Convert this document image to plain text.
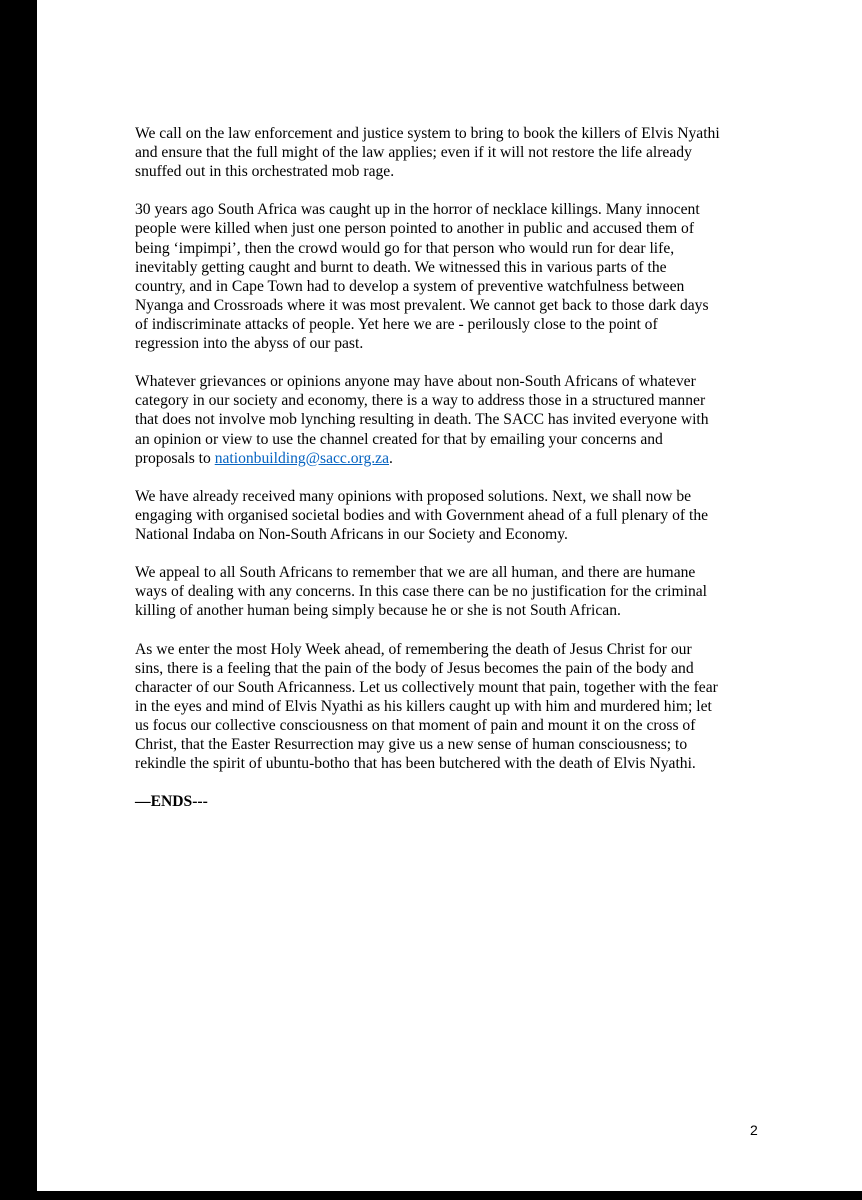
We call on the law enforcement and justice system to bring to book the killers of Elvis Nyathi
and ensure that the full might of the law applies; even if it will not restore the life already
snuffed out in this orchestrated mob rage.

30 years ago South Africa was caught up in the horror of necklace killings. Many innocent
people were killed when just one person pointed to another in public and accused them of
being ‘impimpi’, then the crowd would go for that person who would run for dear life,
inevitably getting caught and burnt to death. We witnessed this in various parts of the
country, and in Cape Town had to develop a system of preventive watchfulness between
Nyanga and Crossroads where it was most prevalent. We cannot get back to those dark days
of indiscriminate attacks of people. Yet here we are - perilously close to the point of
regression into the abyss of our past.

Whatever grievances or opinions anyone may have about non-South Africans of whatever
category in our society and economy, there is a way to address those in a structured manner
that does not involve mob lynching resulting in death. The SACC has invited everyone with
an opinion or view to use the channel created for that by emailing your concerns and
proposals to nationbuilding@sacc.org.za.

We have already received many opinions with proposed solutions. Next, we shall now be
engaging with organised societal bodies and with Government ahead of a full plenary of the
National Indaba on Non-South Africans in our Society and Economy.

We appeal to all South Africans to remember that we are all human, and there are humane
ways of dealing with any concerns. In this case there can be no justification for the criminal
killing of another human being simply because he or she is not South African.

As we enter the most Holy Week ahead, of remembering the death of Jesus Christ for our
sins, there is a feeling that the pain of the body of Jesus becomes the pain of the body and
character of our South Africanness. Let us collectively mount that pain, together with the fear
in the eyes and mind of Elvis Nyathi as his killers caught up with him and murdered him; let
us focus our collective consciousness on that moment of pain and mount it on the cross of
Christ, that the Easter Resurrection may give us a new sense of human consciousness; to
rekindle the spirit of ubuntu-botho that has been butchered with the death of Elvis Nyathi.

—ENDS---

2
